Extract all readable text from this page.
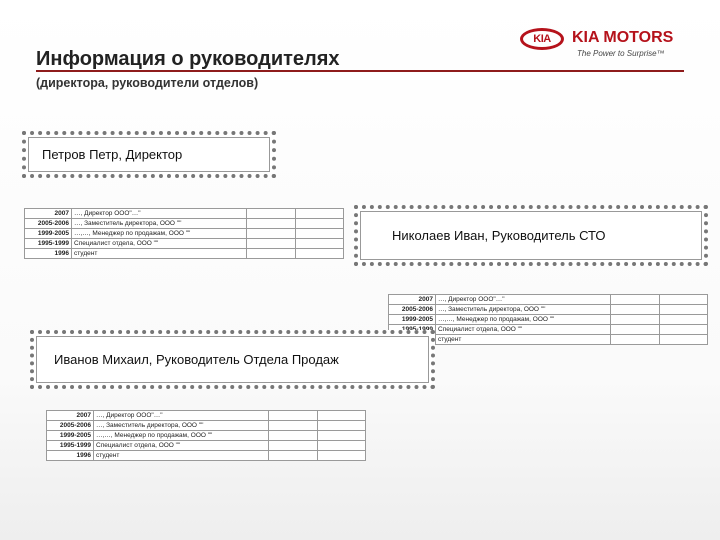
Информация о руководителях
(директора, руководители отделов)
KIA	KIA MOTORS
The Power to Surprise™
Петров Петр, Директор
2007	…, Директор ООО"…"		
2005-2006	…, Заместитель директора, ООО ""		
1999-2005	…,…, Менеджер по продажам, ООО ""		
1995-1999	Специалист отдела, ООО ""		
1996	студент		
Николаев Иван, Руководитель СТО
2007	…, Директор ООО"…"		
2005-2006	…, Заместитель директора, ООО ""		
1999-2005	…,…, Менеджер по продажам, ООО ""		
	Специалист отдела, ООО ""		
	студент		
Иванов Михаил, Руководитель Отдела Продаж
2007	…, Директор ООО"…"		
2005-2006	…, Заместитель директора, ООО ""		
1999-2005	…,…, Менеджер по продажам, ООО ""		
1995-1999	Специалист отдела, ООО ""		
1996	студент		
